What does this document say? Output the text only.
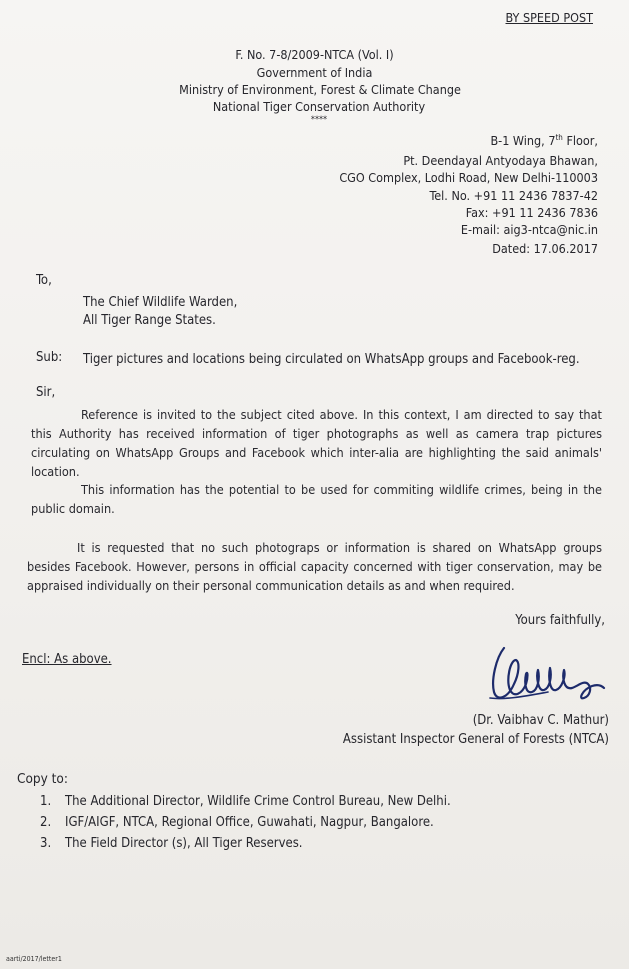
BY SPEED POST
F. No. 7-8/2009-NTCA (Vol. I)
Government of India
Ministry of Environment, Forest & Climate Change
National Tiger Conservation Authority
****
B-1 Wing, 7th Floor,
Pt. Deendayal Antyodaya Bhawan,
CGO Complex, Lodhi Road, New Delhi-110003
Tel. No. +91 11 2436 7837-42
Fax: +91 11 2436 7836
E-mail: aig3-ntca@nic.in
Dated: 17.06.2017
To,
The Chief Wildlife Warden,
All Tiger Range States.
Sub: Tiger pictures and locations being circulated on WhatsApp groups and Facebook-reg.
Sir,

Reference is invited to the subject cited above. In this context, I am directed to say that this Authority has received information of tiger photographs as well as camera trap pictures circulating on WhatsApp Groups and Facebook which inter-alia are highlighting the said animals' location.

This information has the potential to be used for commiting wildlife crimes, being in the public domain.

It is requested that no such photograps or information is shared on WhatsApp groups besides Facebook. However, persons in official capacity concerned with tiger conservation, may be appraised individually on their personal communication details as and when required.

Yours faithfully,
Encl: As above.
(Dr. Vaibhav C. Mathur)
Assistant Inspector General of Forests (NTCA)
Copy to:
1. The Additional Director, Wildlife Crime Control Bureau, New Delhi.
2. IGF/AIGF, NTCA, Regional Office, Guwahati, Nagpur, Bangalore.
3. The Field Director (s), All Tiger Reserves.
aarti/2017/letter1
